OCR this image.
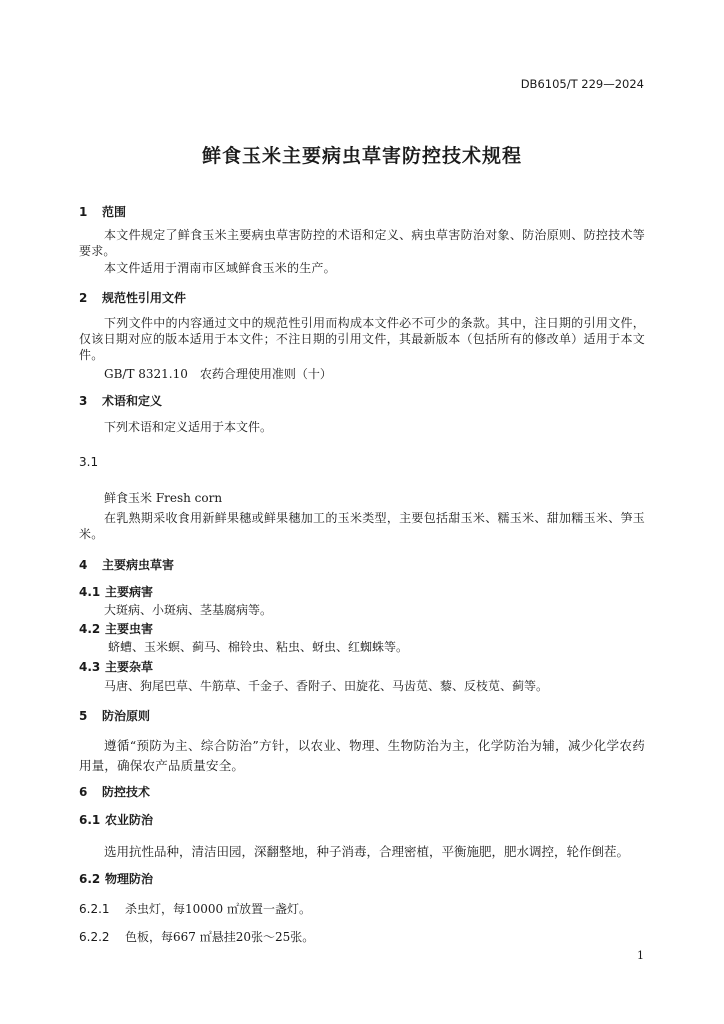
DB6105/T 229—2024
鲜食玉米主要病虫草害防控技术规程
1 范围
本文件规定了鲜食玉米主要病虫草害防控的术语和定义、病虫草害防治对象、防治原则、防控技术等要求。
本文件适用于渭南市区域鲜食玉米的生产。
2 规范性引用文件
下列文件中的内容通过文中的规范性引用而构成本文件必不可少的条款。其中，注日期的引用文件，仅该日期对应的版本适用于本文件；不注日期的引用文件，其最新版本（包括所有的修改单）适用于本文件。
GB/T 8321.10　农药合理使用准则（十）
3 术语和定义
下列术语和定义适用于本文件。
3.1
鲜食玉米 Fresh corn
在乳熟期采收食用新鲜果穗或鲜果穗加工的玉米类型，主要包括甜玉米、糯玉米、甜加糯玉米、笋玉米。
4 主要病虫草害
4.1 主要病害
大斑病、小斑病、茎基腐病等。
4.2 主要虫害
蛴螬、玉米螟、蓟马、棉铃虫、粘虫、蚜虫、红蜘蛛等。
4.3 主要杂草
马唐、狗尾巴草、牛筋草、千金子、香附子、田旋花、马齿苋、藜、反枝苋、蓟等。
5 防治原则
遵循“预防为主、综合防治”方针，以农业、物理、生物防治为主，化学防治为辅，减少化学农药用量，确保农产品质量安全。
6 防控技术
6.1 农业防治
选用抗性品种，清洁田园，深翻整地，种子消毒，合理密植，平衡施肥，肥水调控，轮作倒茬。
6.2 物理防治
6.2.1 杀虫灯，每10000 ㎡放置一盏灯。
6.2.2 色板，每667 ㎡悬挂20张～25张。
1
